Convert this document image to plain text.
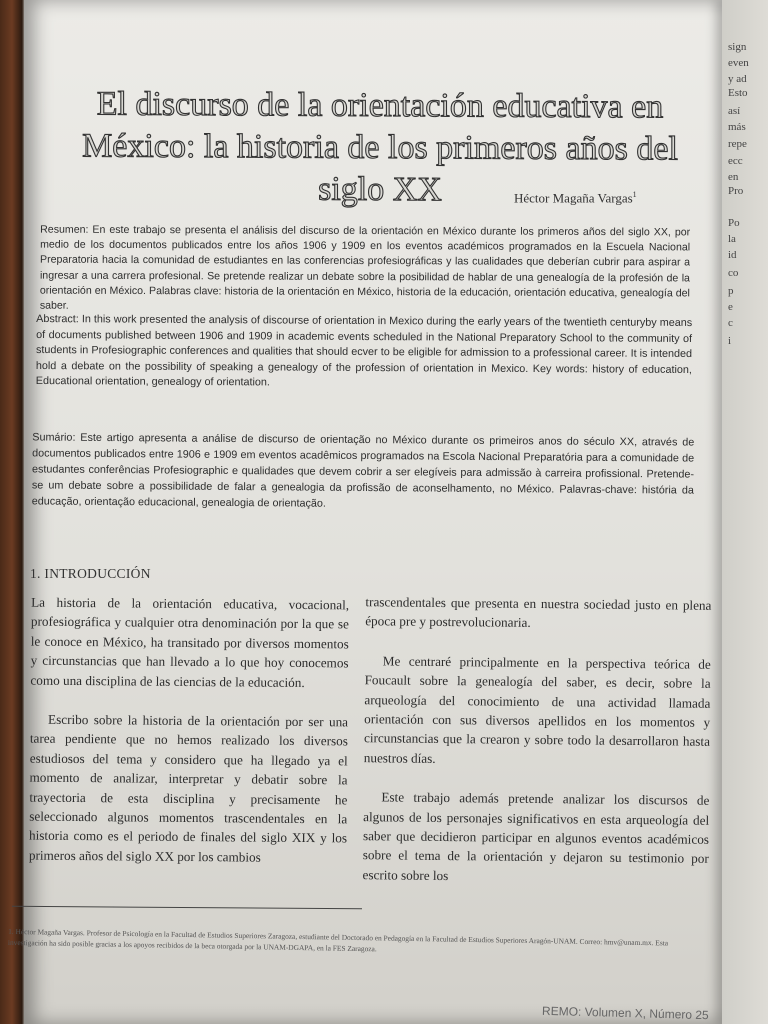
El discurso de la orientación educativa en México: la historia de los primeros años del siglo XX	Héctor Magaña Vargas$^1$
Resumen: En este trabajo se presenta el análisis del discurso de la orientación en México durante los primeros años del siglo XX, por medio de los documentos publicados entre los años 1906 y 1909 en los eventos académicos programados en la Escuela Nacional Preparatoria hacia la comunidad de estudiantes en las conferencias profesiográficas y las cualidades que deberían cubrir para aspirar a ingresar a una carrera profesional. Se pretende realizar un debate sobre la posibilidad de hablar de una genealogía de la profesión de la orientación en México. Palabras clave: historia de la orientación en México, historia de la educación, orientación educativa, genealogía del saber.
Abstract: In this work presented the analysis of discourse of orientation in Mexico during the early years of the twentieth centuryby means of documents published between 1906 and 1909 in academic events scheduled in the National Preparatory School to the community of students in Profesiographic conferences and qualities that should ecver to be eligible for admission to a professional career. It is intended hold a debate on the possibility of speaking a genealogy of the profession of orientation in Mexico. Key words: history of education, Educational orientation, genealogy of orientation.
Sumário: Este artigo apresenta a análise de discurso de orientação no México durante os primeiros anos do século XX, através de documentos publicados entre 1906 e 1909 em eventos acadêmicos programados na Escola Nacional Preparatória para a comunidade de estudantes conferências Profesiographic e qualidades que devem cobrir a ser elegíveis para admissão à carreira profissional. Pretende-se um debate sobre a possibilidade de falar a genealogia da profissão de aconselhamento, no México. Palavras-chave: história da educação, orientação educacional, genealogia de orientação.
1. INTRODUCCIÓN

La historia de la orientación educativa, vocacional, profesiográfica y cualquier otra denominación por la que se le conoce en México, ha transitado por diversos momentos y circunstancias que han llevado a lo que hoy conocemos como una disciplina de las ciencias de la educación.

Escribo sobre la historia de la orientación por ser una tarea pendiente que no hemos realizado los diversos estudiosos del tema y considero que ha llegado ya el momento de analizar, interpretar y debatir sobre la trayectoria de esta disciplina y precisamente he seleccionado algunos momentos trascendentales en la historia como es el periodo de finales del siglo XIX y los primeros años del siglo XX por los cambios

trascendentales que presenta en nuestra sociedad justo en plena época pre y postrevolucionaria.

Me centraré principalmente en la perspectiva teórica de Foucault sobre la genealogía del saber, es decir, sobre la arqueología del conocimiento de una actividad llamada orientación con sus diversos apellidos en los momentos y circunstancias que la crearon y sobre todo la desarrollaron hasta nuestros días.

Este trabajo además pretende analizar los discursos de algunos de los personajes significativos en esta arqueología del saber que decidieron participar en algunos eventos académicos sobre el tema de la orientación y dejaron su testimonio por escrito sobre los

1. Héctor Magaña Vargas. Profesor de Psicología en la Facultad de Estudios Superiores Zaragoza, estudiante del Doctorado en Pedagogía en la Facultad de Estudios Superiores Aragón-UNAM. Correo: hmv@unam.mx. Esta investigación ha sido posible gracias a los apoyos recibidos de la beca otorgada por la UNAM-DGAPA, en la FES Zaragoza.
REMO: Volumen X, Número 25
sign
even
y ad
Esto
así
más
repe
ecc
en
Pro
Po
la
id
co
p
e
c
i
